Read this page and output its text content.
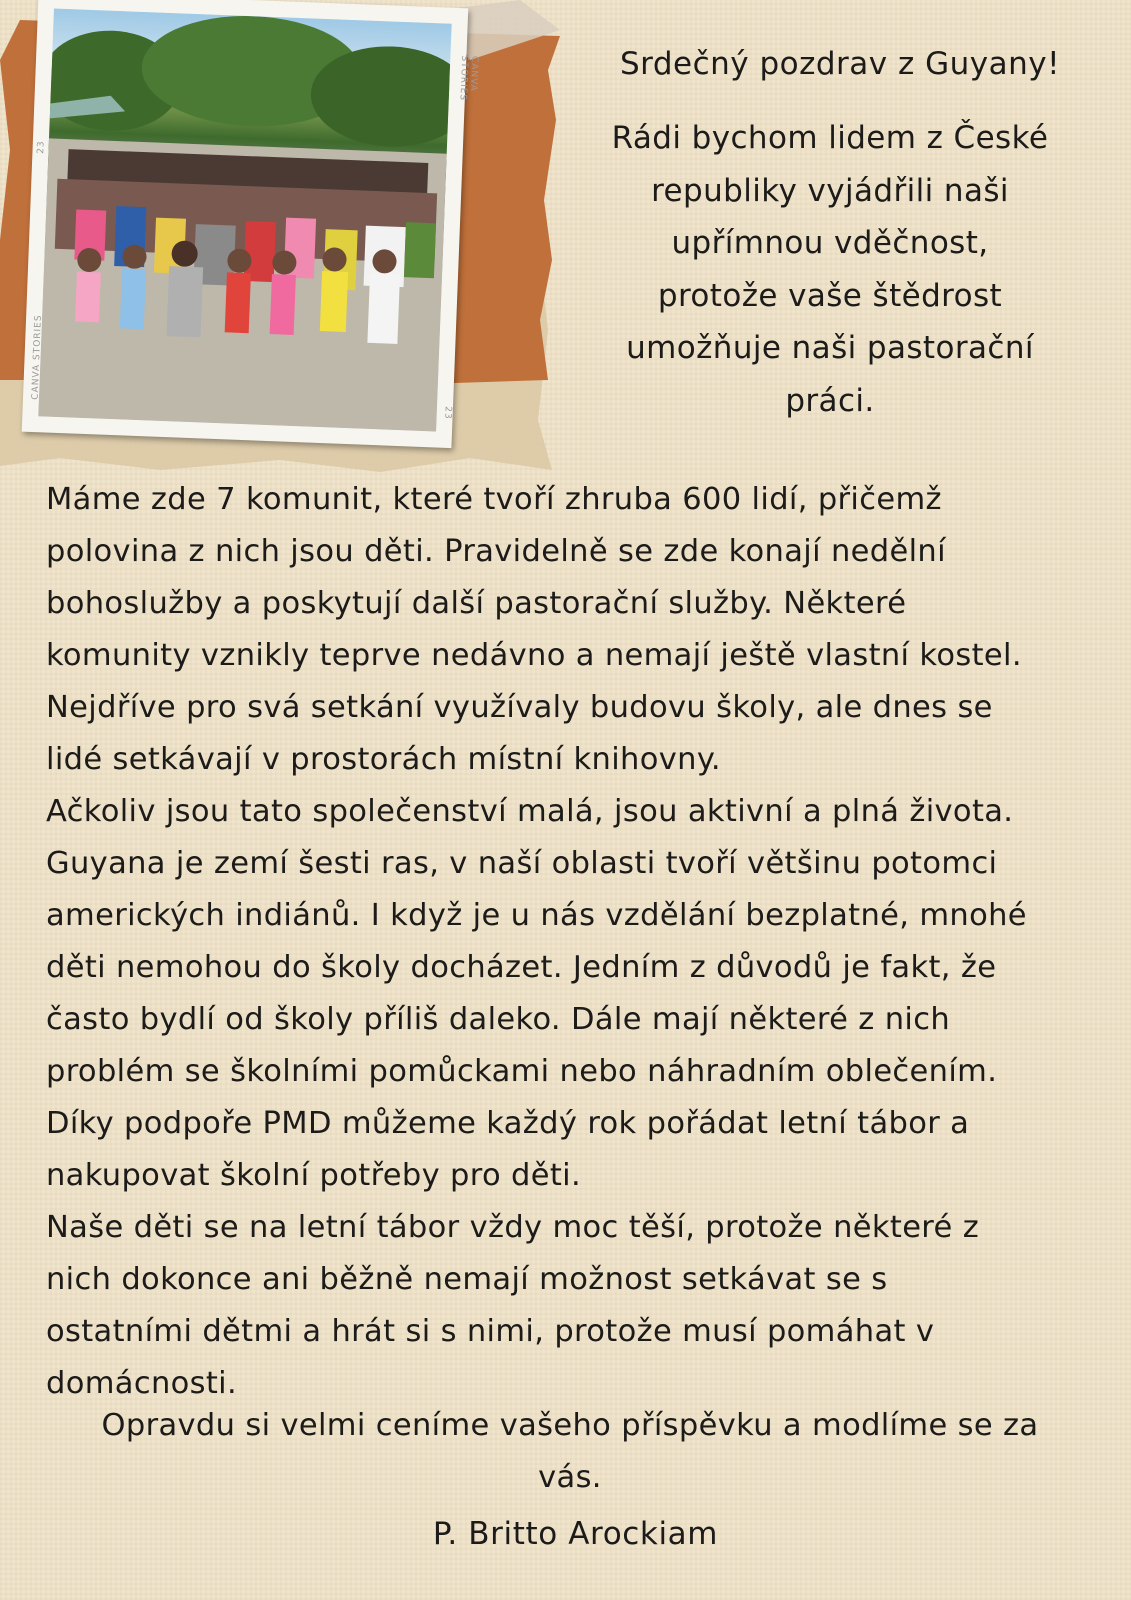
23
CANVA STORIES
CANVA STORIES
23
Srdečný pozdrav z Guyany!
Rádi bychom lidem z České
republiky vyjádřili naši
upřímnou vděčnost,
protože vaše štědrost
umožňuje naši pastorační
práci.

Máme zde 7 komunit, které tvoří zhruba 600 lidí, přičemž

polovina z nich jsou děti. Pravidelně se zde konají nedělní

bohoslužby a poskytují další pastorační služby. Některé

komunity vznikly teprve nedávno a nemají ještě vlastní kostel.

Nejdříve pro svá setkání využívaly budovu školy, ale dnes se

lidé setkávají v prostorách místní knihovny.

Ačkoliv jsou tato společenství malá, jsou aktivní a plná života.

Guyana je zemí šesti ras, v naší oblasti tvoří většinu potomci

amerických indiánů. I když je u nás vzdělání bezplatné, mnohé

děti nemohou do školy docházet. Jedním z důvodů je fakt, že

často bydlí od školy příliš daleko. Dále mají některé z nich

problém se školními pomůckami nebo náhradním oblečením.

Díky podpoře PMD můžeme každý rok pořádat letní tábor a

nakupovat školní potřeby pro děti.

Naše děti se na letní tábor vždy moc těší, protože některé z

nich dokonce ani běžně nemají možnost setkávat se s

ostatními dětmi a hrát si s nimi, protože musí pomáhat v

domácnosti.

Opravdu si velmi ceníme vašeho příspěvku a modlíme se za
vás.
P. Britto Arockiam
